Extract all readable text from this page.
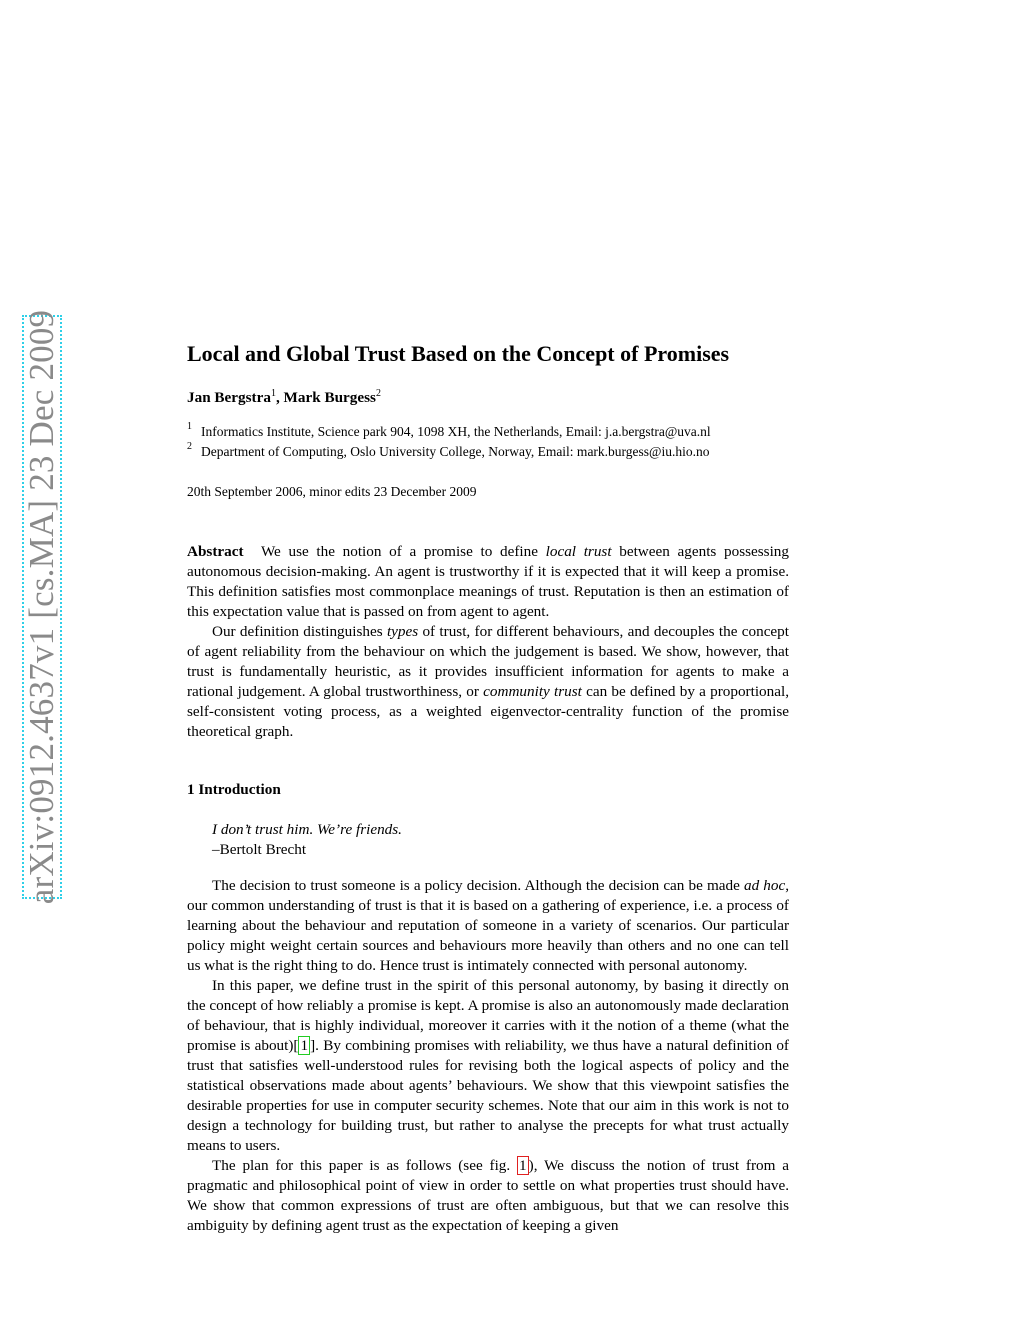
arXiv:0912.4637v1 [cs.MA] 23 Dec 2009	Local and Global Trust Based on the Concept of Promises
Jan Bergstra$^1$, Mark Burgess$^2$
1 Informatics Institute, Science park 904, 1098 XH, the Netherlands, Email: j.a.bergstra@uva.nl
2 Department of Computing, Oslo University College, Norway, Email: mark.burgess@iu.hio.no
20th September 2006, minor edits 23 December 2009

Abstract We use the notion of a promise to define local trust between agents possessing autonomous decision-making. An agent is trustworthy if it is expected that it will keep a promise. This definition satisfies most commonplace meanings of trust. Reputation is then an estimation of this expectation value that is passed on from agent to agent.

Our definition distinguishes types of trust, for different behaviours, and decouples the concept of agent reliability from the behaviour on which the judgement is based. We show, however, that trust is fundamentally heuristic, as it provides insufficient information for agents to make a rational judgement. A global trustworthiness, or community trust can be defined by a proportional, self-consistent voting process, as a weighted eigenvector-centrality function of the promise theoretical graph.

1 Introduction
I don’t trust him. We’re friends.
–Bertolt Brecht

The decision to trust someone is a policy decision. Although the decision can be made ad hoc, our common understanding of trust is that it is based on a gathering of experience, i.e. a process of learning about the behaviour and reputation of someone in a variety of scenarios. Our particular policy might weight certain sources and behaviours more heavily than others and no one can tell us what is the right thing to do. Hence trust is intimately connected with personal autonomy.

In this paper, we define trust in the spirit of this personal autonomy, by basing it directly on the concept of how reliably a promise is kept. A promise is also an autonomously made declaration of behaviour, that is highly individual, moreover it carries with it the notion of a theme (what the promise is about)[ 1 ]. By combining promises with reliability, we thus have a natural definition of trust that satisfies well-understood rules for revising both the logical aspects of policy and the statistical observations made about agents’ behaviours. We show that this viewpoint satisfies the desirable properties for use in computer security schemes. Note that our aim in this work is not to design a technology for building trust, but rather to analyse the precepts for what trust actually means to users.

The plan for this paper is as follows (see fig. 1 ), We discuss the notion of trust from a pragmatic and philosophical point of view in order to settle on what properties trust should have. We show that common expressions of trust are often ambiguous, but that we can resolve this ambiguity by defining agent trust as the expectation of keeping a given
